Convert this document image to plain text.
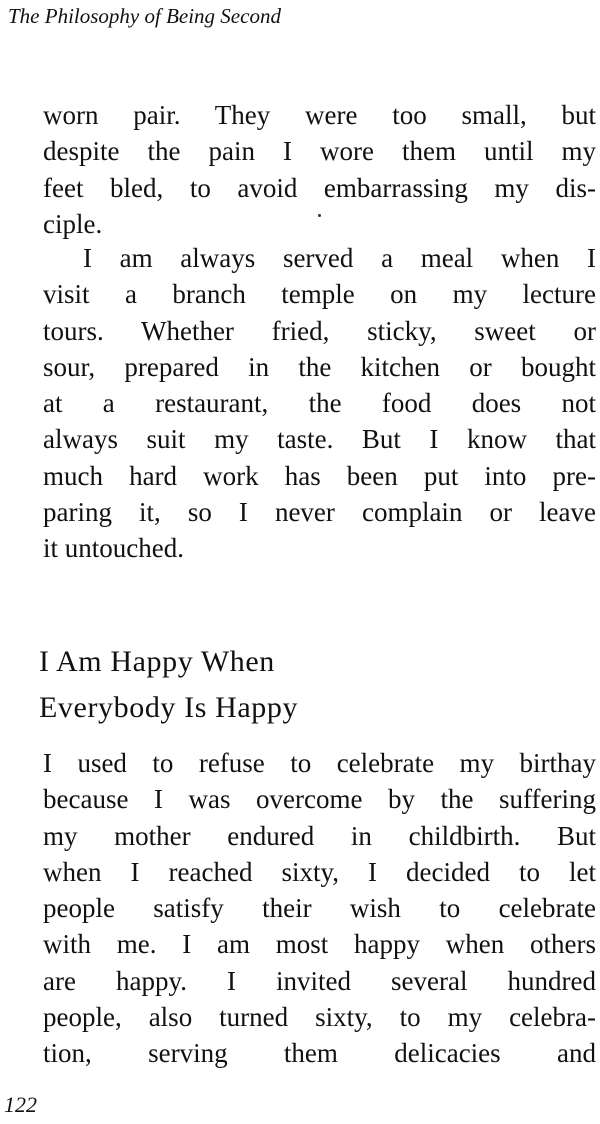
The Philosophy of Being Second
worn pair. They were too small, but
despite the pain I wore them until my
feet bled, to avoid embarrassing my dis-
ciple.
I am always served a meal when I
visit a branch temple on my lecture
tours. Whether fried, sticky, sweet or
sour, prepared in the kitchen or bought
at a restaurant, the food does not
always suit my taste. But I know that
much hard work has been put into pre-
paring it, so I never complain or leave
it untouched.
I Am Happy When
Everybody Is Happy
I used to refuse to celebrate my birthay
because I was overcome by the suffering
my mother endured in childbirth. But
when I reached sixty, I decided to let
people satisfy their wish to celebrate
with me. I am most happy when others
are happy. I invited several hundred
people, also turned sixty, to my celebra-
tion, serving them delicacies and
122
